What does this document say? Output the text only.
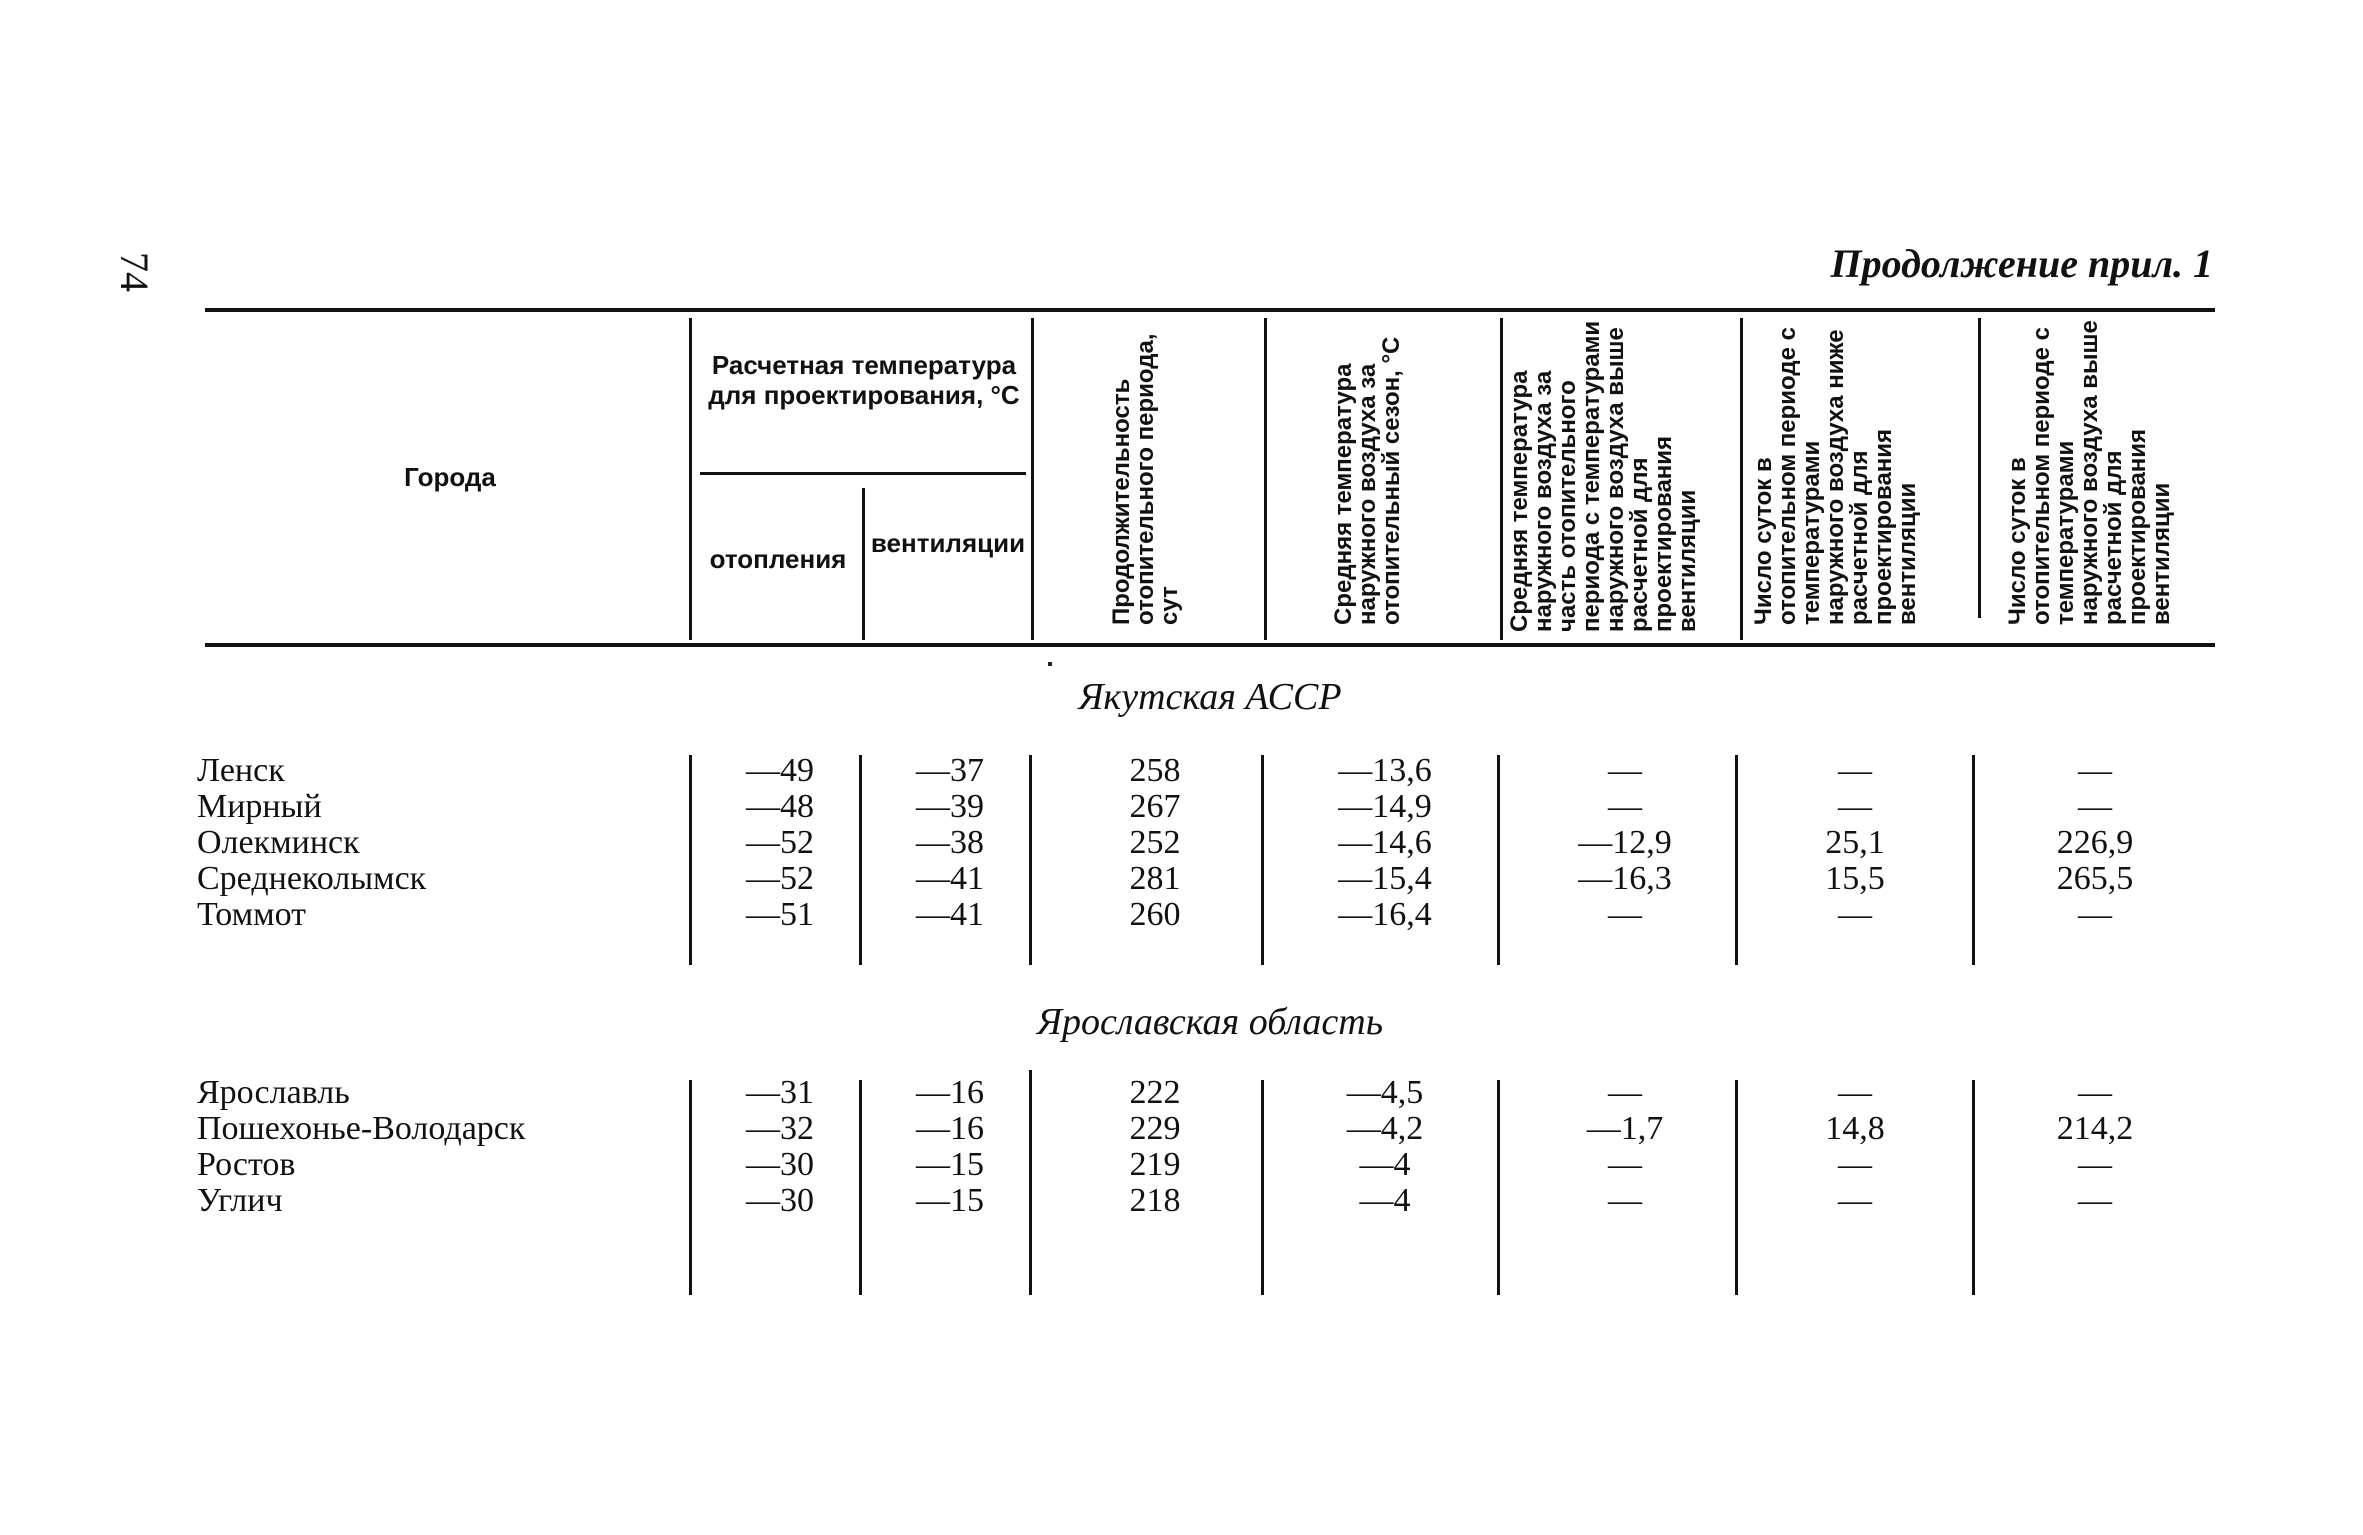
74	Продолжение прил. 1
Города
Расчетная температура для проектирования, °С
отопления
вентиляции	Продолжительность отопительного периода, сут	Средняя температура наружного воздуха за отопительный сезон, °С	Средняя температура наружного воздуха за часть отопительного периода с температурами наружного воздуха выше расчетной для проектирования вентиляции	Число суток в отопительном периоде с температурами наружного воздуха ниже расчетной для проектирования вентиляции	Число суток в отопительном периоде с температурами наружного воздуха выше расчетной для проектирования вентиляции
Якутская АССР
Ленск	—49	—37	258	—13,6	—	—	—
Мирный	—48	—39	267	—14,9	—	—	—
Олекминск	—52	—38	252	—14,6	—12,9	25,1	226,9
Среднеколымск	—52	—41	281	—15,4	—16,3	15,5	265,5
Томмот	—51	—41	260	—16,4	—	—	—
Ярославская область
Ярославль	—31	—16	222	—4,5	—	—	—
Пошехонье-Володарск	—32	—16	229	—4,2	—1,7	14,8	214,2
Ростов	—30	—15	219	—4	—	—	—
Углич	—30	—15	218	—4	—	—	—
